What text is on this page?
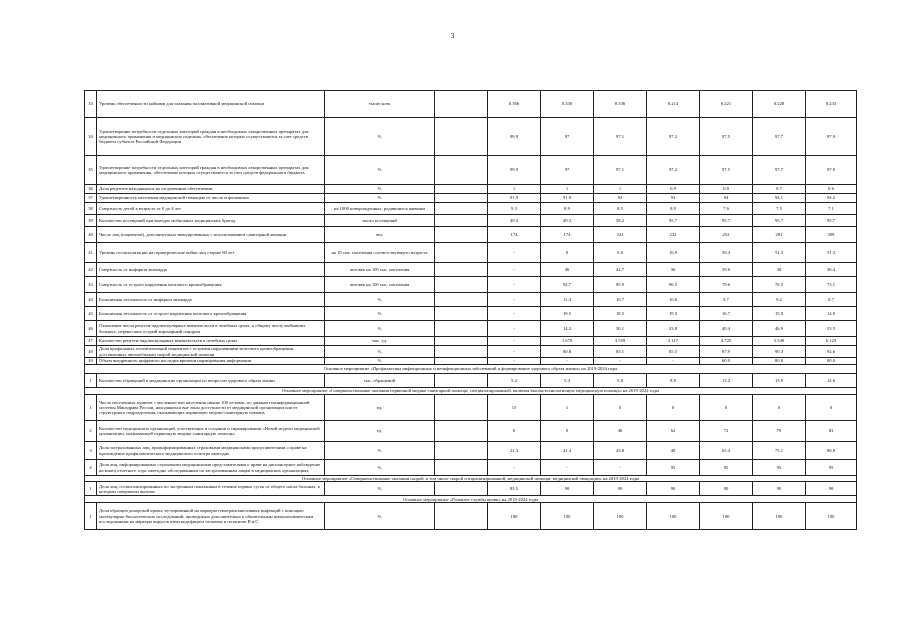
3
33	Уровень обеспеченности койками для оказания паллиативной медицинской помощи	тысяч коек		0.366	0.330	0.336	0.214	0.221	0.228	0.233	
34	Удовлетворение потребности отдельных категорий граждан в необходимых лекарственных препаратах для медицинского применения и медицинских изделиях, обеспечение которых осуществляется за счет средств бюджета субъекта Российской Федерации	%		99.9	97	97.1	97.2	97.5	97.7	97.9	
35	Удовлетворение потребности отдельных категорий граждан в необходимых лекарственных препаратах для медицинского применения, обеспечение которых осуществляется за счет средств федерального бюджета	%		99.9	97	97.1	97.2	97.5	97.7	97.9	
36	Доля рецептов находящихся на отсроченном обеспечении	%		1	1	1	0.9	0.8	0.7	0.6	
37	Удовлетворенность населения медицинской помощью от числа опрошенных	%		91.9	91.9	92	93	94	94.1	94.2	
38	Смертность детей в возрасте от 0 до 4 лет	на 1000 новорожденных, родившихся живыми		9.3	8.9	8.5	8.0	7.6	7.5	7.1	
39	Количество посещений при выездах мобильных медицинских бригад	тысяч посещений		49.3	49.3	58.2	95.7	95.7	95.7	95.7	
40	Число лиц (пациентов), дополнительно эвакуированных с использованием санитарной авиации	чел.		174	174	323	232	252	281	308	
41	Уровень госпитализации на гериатрические койки лиц старше 60 лет	на 10 тыс. населения соответствующего возраста		-	0	5.6	16.9	39.4	51.3	51.3	
42	Смертность от инфаркта миокарда	человек на 100 тыс. населения		-	46	42.7	36	39.6	38	36.4	
43	Смертность от острого нарушения мозгового кровообращения	человек на 100 тыс. населения		-	92.7	85.9	96.5	79.6	76.5	73.1	
44	Больничная летальность от инфаркта миокарда	%		-	11.4	10.7	10.6	9.7	9.2	8.7	
45	Больничная летальность от острого нарушения мозгового кровообращения	%		-	19.5	18.5	19.3	16.7	15.9	14.9	
46	Отношение числа рентген-эндоваскулярных вмешательств в лечебных целях, к общему числу выбывших больных, перенесших острый коронарный синдром	%		-	14.2	30.1	33.8	40.4	46.9	53.5	
47	Количество рентген-эндоваскулярных вмешательств в лечебных целях	тыс. ед.		-	1.679	3.559	3.117	4.725	5.549	6.123	
48	Доля профильных госпитализаций пациентов с острыми нарушениями мозгового кровообращения, доставленных автомобилями скорой медицинской помощи	%		-	80.8	83.1	85.5	87.9	90.3	92.6	
49	Объем внедренного цифрового наследия времени нормирования информации	%		-	-	-	-	60.0	80.0	80.0	
Основное мероприятие «Профилактика инфекционных и неинфекционных заболеваний и формирование здорового образа жизни» на 2019-2024 годы											
1	Количество обращений в медицинские организации по вопросам здорового образа жизни	тыс. обращений		5.2	5.4	5.8	8.8	13.2	13.9	14.6	
Основное мероприятие «Совершенствование оказания первичной медико-санитарной помощи, специализированной, включая высокотехнологичную медицинскую помощь» на 2019-2024 годы											
1	Число населенных пунктов с численностью населения свыше 100 человек, по данным геоинформационной системы Минздрава России, находящихся вне зоны доступности от медицинской организации или ее структурного подразделения, оказывающих первичную медико-санитарную помощь	ед.		15	1	0	0	0	0	0	
2	Количество медицинских организаций, участвующих в создании и тиражировании «Новой модели медицинской организации, оказывающей первичную медико-санитарную помощь»	ед.		0	0	46	62	72	79	83	
3	Доля застрахованных лиц, проинформированных страховыми медицинскими представителями о праве на прохождение профилактического медицинского осмотра ежегодно	%		22.3	41.4	43.8	48	65.4	75.1	88.8	
4	Доля лиц, информированных страховыми медицинскими представителями о праве на диспансерное наблюдение на конец отчетного года, ежегодно обследованным по застрахованным лицам в медицинских организациях	%		-	-	-	95	95	95	95	
Основное мероприятие «Совершенствование оказания скорой, в том числе скорой специализированной, медицинской помощи, медицинской эвакуации» на 2019-2024 годы											
1	Доля лиц, госпитализированных по экстренным показаниям в течение первых суток от общего числа больных, к которым совершены вызовы	%		83.5	90	90	90	90	90	90	
Основное мероприятие «Развитие службы крови» на 2019-2024 годы											
1	Доля образцов донорской крови, тестированной на маркеры гемотрансмиссивных инфекций с помощью молекулярно-биологических исследований, проводимых дополнительно к обязательным иммунохимическим исследованиям на маркеры вирусов иммунодефицита человека и гепатитов B и C	%		100	100	100	100	100	100	100	
